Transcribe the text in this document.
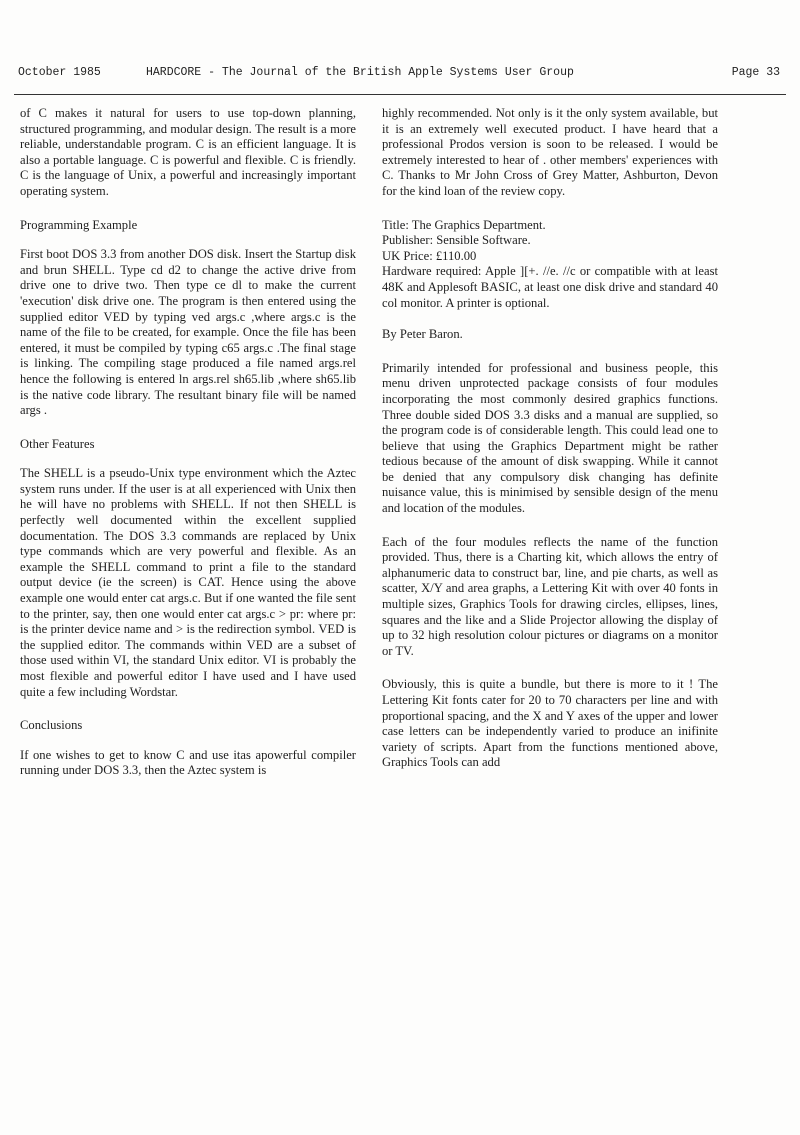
October 1985	HARDCORE - The Journal of the British Apple Systems User Group	Page 33

of C makes it natural for users to use top-down planning, structured programming, and modular design. The result is a more reliable, understandable program. C is an efficient language. It is also a portable language. C is powerful and flexible. C is friendly. C is the language of Unix, a powerful and increasingly important operating system.

Programming Example

First boot DOS 3.3 from another DOS disk. Insert the Startup disk and brun SHELL. Type cd d2 to change the active drive from drive one to drive two. Then type ce dl to make the current 'execution' disk drive one. The program is then entered using the supplied editor VED by typing ved args.c ,where args.c is the name of the file to be created, for example. Once the file has been entered, it must be compiled by typing c65 args.c .The final stage is linking. The compiling stage produced a file named args.rel hence the following is entered ln args.rel sh65.lib ,where sh65.lib is the native code library. The resultant binary file will be named args .

Other Features

The SHELL is a pseudo-Unix type environment which the Aztec system runs under. If the user is at all experienced with Unix then he will have no problems with SHELL. If not then SHELL is perfectly well documented within the excellent supplied documentation. The DOS 3.3 commands are replaced by Unix type commands which are very powerful and flexible. As an example the SHELL command to print a file to the standard output device (ie the screen) is CAT. Hence using the above example one would enter cat args.c. But if one wanted the file sent to the printer, say, then one would enter cat args.c > pr: where pr: is the printer device name and > is the redirection symbol. VED is the supplied editor. The commands within VED are a subset of those used within VI, the standard Unix editor. VI is probably the most flexible and powerful editor I have used and I have used quite a few including Wordstar.

Conclusions

If one wishes to get to know C and use itas apowerful compiler running under DOS 3.3, then the Aztec system is

highly recommended. Not only is it the only system available, but it is an extremely well executed product. I have heard that a professional Prodos version is soon to be released. I would be extremely interested to hear of . other members' experiences with C. Thanks to Mr John Cross of Grey Matter, Ashburton, Devon for the kind loan of the review copy.

Title: The Graphics Department.
Publisher: Sensible Software.
UK Price: £110.00
Hardware required: Apple ][+. //e. //c or compatible with at least 48K and Applesoft BASIC, at least one disk drive and standard 40 col monitor. A printer is optional.

By Peter Baron.

Primarily intended for professional and business people, this menu driven unprotected package consists of four modules incorporating the most commonly desired graphics functions. Three double sided DOS 3.3 disks and a manual are supplied, so the program code is of considerable length. This could lead one to believe that using the Graphics Department might be rather tedious because of the amount of disk swapping. While it cannot be denied that any compulsory disk changing has definite nuisance value, this is minimised by sensible design of the menu and location of the modules.

Each of the four modules reflects the name of the function provided. Thus, there is a Charting kit, which allows the entry of alphanumeric data to construct bar, line, and pie charts, as well as scatter, X/Y and area graphs, a Lettering Kit with over 40 fonts in multiple sizes, Graphics Tools for drawing circles, ellipses, lines, squares and the like and a Slide Projector allowing the display of up to 32 high resolution colour pictures or diagrams on a monitor or TV.

Obviously, this is quite a bundle, but there is more to it ! The Lettering Kit fonts cater for 20 to 70 characters per line and with proportional spacing, and the X and Y axes of the upper and lower case letters can be independently varied to produce an inifinite variety of scripts. Apart from the functions mentioned above, Graphics Tools can add
